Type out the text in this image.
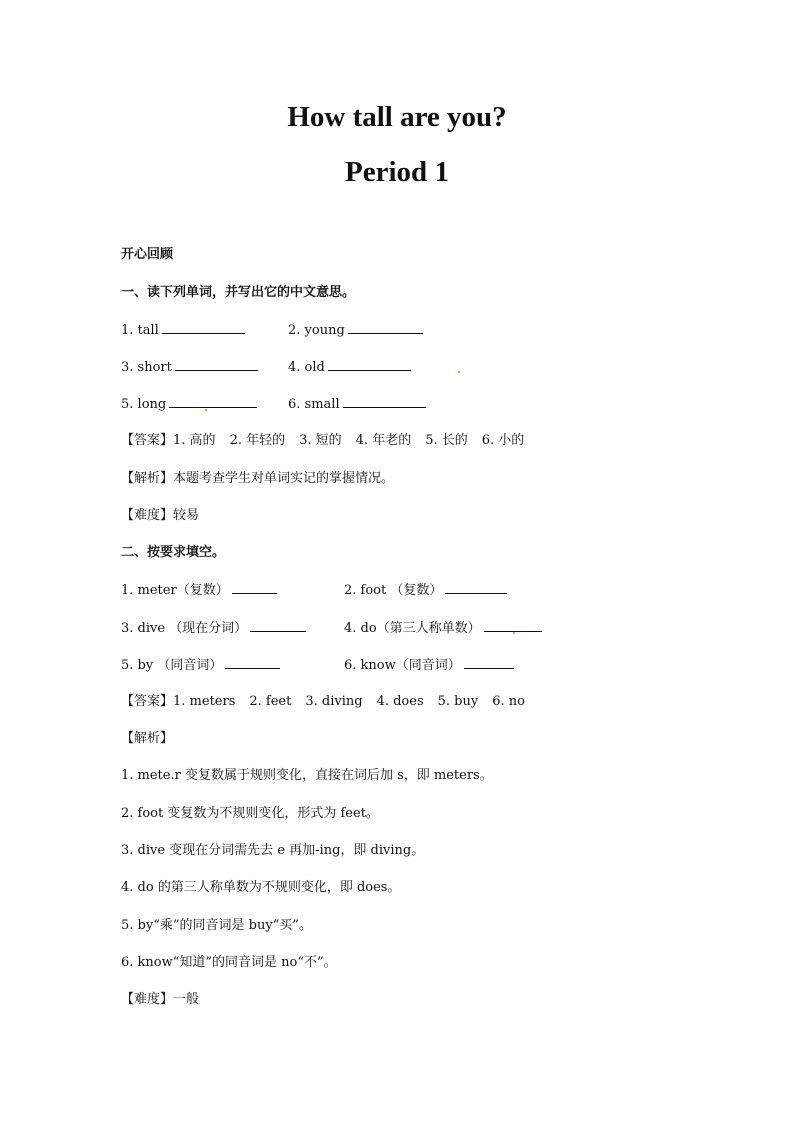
How tall are you?
Period 1
开心回顾
一、读下列单词，并写出它的中文意思。
1. tall	2. young
3. short	4. old
5. long	6. small
【答案】1. 高的 2. 年轻的 3. 短的 4. 年老的 5. 长的 6. 小的
【解析】本题考查学生对单词实记的掌握情况。
【难度】较易
二、按要求填空。
1. meter（复数）	2. foot （复数）
3. dive （现在分词）	4. do（第三人称单数）
5. by （同音词）	6. know（同音词）
【答案】1. meters 2. feet 3. diving 4. does 5. buy 6. no
【解析】
1. mete.r 变复数属于规则变化，直接在词后加 s，即 meters。
2. foot 变复数为不规则变化，形式为 feet。
3. dive 变现在分词需先去 e 再加-ing，即 diving。
4. do 的第三人称单数为不规则变化，即 does。
5. by“乘”的同音词是 buy“买”。
6. know“知道”的同音词是 no“不”。
【难度】一般
